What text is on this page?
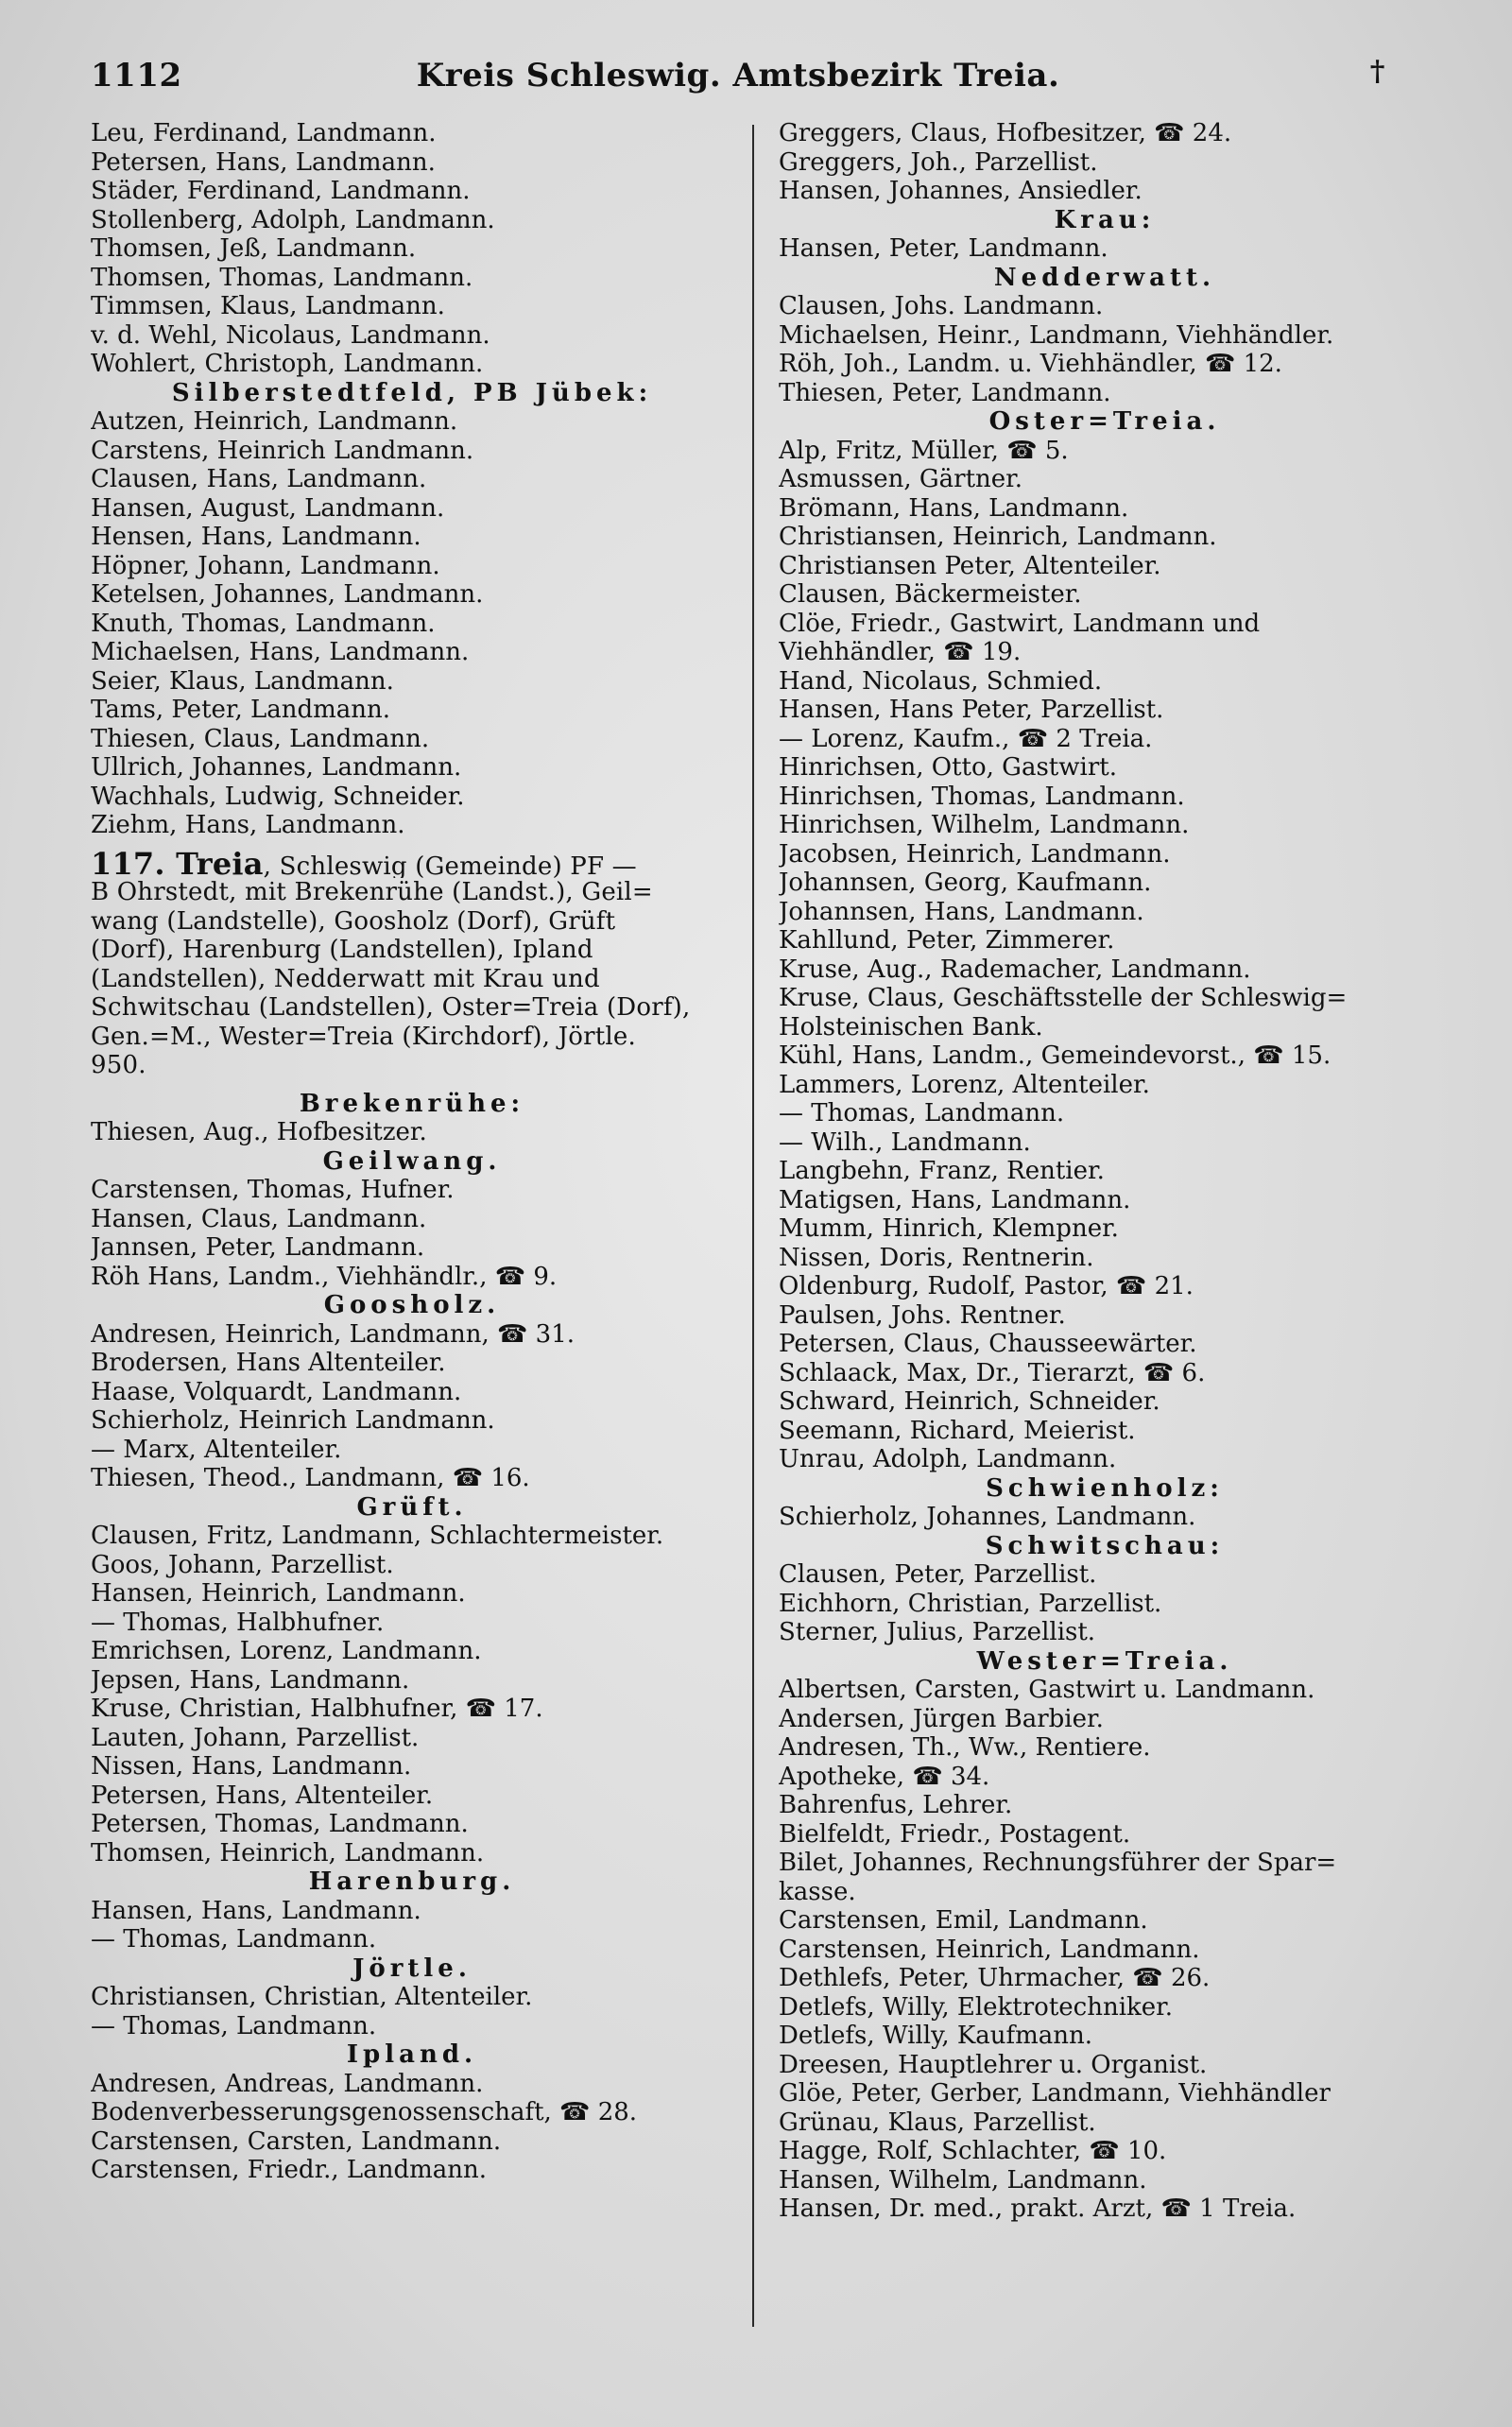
1112	Kreis Schleswig. Amtsbezirk Treia.	†
Leu, Ferdinand, Landmann.
Petersen, Hans, Landmann.
Städer, Ferdinand, Landmann.
Stollenberg, Adolph, Landmann.
Thomsen, Jeß, Landmann.
Thomsen, Thomas, Landmann.
Timmsen, Klaus, Landmann.
v. d. Wehl, Nicolaus, Landmann.
Wohlert, Christoph, Landmann.
Silberstedtfeld, PB Jübek:
Autzen, Heinrich, Landmann.
Carstens, Heinrich Landmann.
Clausen, Hans, Landmann.
Hansen, August, Landmann.
Hensen, Hans, Landmann.
Höpner, Johann, Landmann.
Ketelsen, Johannes, Landmann.
Knuth, Thomas, Landmann.
Michaelsen, Hans, Landmann.
Seier, Klaus, Landmann.
Tams, Peter, Landmann.
Thiesen, Claus, Landmann.
Ullrich, Johannes, Landmann.
Wachhals, Ludwig, Schneider.
Ziehm, Hans, Landmann.
117. Treia, Schleswig (Gemeinde) PF —
B Ohrstedt, mit Brekenrühe (Landst.), Geil=
wang (Landstelle), Goosholz (Dorf), Grüft
(Dorf), Harenburg (Landstellen), Ipland
(Landstellen), Nedderwatt mit Krau und
Schwitschau (Landstellen), Oster=Treia (Dorf),
Gen.=M., Wester=Treia (Kirchdorf), Jörtle.
950.
Brekenrühe:
Thiesen, Aug., Hofbesitzer.
Geilwang.
Carstensen, Thomas, Hufner.
Hansen, Claus, Landmann.
Jannsen, Peter, Landmann.
Röh Hans, Landm., Viehhändlr., ☎ 9.
Goosholz.
Andresen, Heinrich, Landmann, ☎ 31.
Brodersen, Hans Altenteiler.
Haase, Volquardt, Landmann.
Schierholz, Heinrich Landmann.
— Marx, Altenteiler.
Thiesen, Theod., Landmann, ☎ 16.
Grüft.
Clausen, Fritz, Landmann, Schlachtermeister.
Goos, Johann, Parzellist.
Hansen, Heinrich, Landmann.
— Thomas, Halbhufner.
Emrichsen, Lorenz, Landmann.
Jepsen, Hans, Landmann.
Kruse, Christian, Halbhufner, ☎ 17.
Lauten, Johann, Parzellist.
Nissen, Hans, Landmann.
Petersen, Hans, Altenteiler.
Petersen, Thomas, Landmann.
Thomsen, Heinrich, Landmann.
Harenburg.
Hansen, Hans, Landmann.
— Thomas, Landmann.
Jörtle.
Christiansen, Christian, Altenteiler.
— Thomas, Landmann.
Ipland.
Andresen, Andreas, Landmann.
Bodenverbesserungsgenossenschaft, ☎ 28.
Carstensen, Carsten, Landmann.
Carstensen, Friedr., Landmann.
Greggers, Claus, Hofbesitzer, ☎ 24.
Greggers, Joh., Parzellist.
Hansen, Johannes, Ansiedler.
Krau:
Hansen, Peter, Landmann.
Nedderwatt.
Clausen, Johs. Landmann.
Michaelsen, Heinr., Landmann, Viehhändler.
Röh, Joh., Landm. u. Viehhändler, ☎ 12.
Thiesen, Peter, Landmann.
Oster=Treia.
Alp, Fritz, Müller, ☎ 5.
Asmussen, Gärtner.
Brömann, Hans, Landmann.
Christiansen, Heinrich, Landmann.
Christiansen Peter, Altenteiler.
Clausen, Bäckermeister.
Clöe, Friedr., Gastwirt, Landmann und
Viehhändler, ☎ 19.
Hand, Nicolaus, Schmied.
Hansen, Hans Peter, Parzellist.
— Lorenz, Kaufm., ☎ 2 Treia.
Hinrichsen, Otto, Gastwirt.
Hinrichsen, Thomas, Landmann.
Hinrichsen, Wilhelm, Landmann.
Jacobsen, Heinrich, Landmann.
Johannsen, Georg, Kaufmann.
Johannsen, Hans, Landmann.
Kahllund, Peter, Zimmerer.
Kruse, Aug., Rademacher, Landmann.
Kruse, Claus, Geschäftsstelle der Schleswig=
Holsteinischen Bank.
Kühl, Hans, Landm., Gemeindevorst., ☎ 15.
Lammers, Lorenz, Altenteiler.
— Thomas, Landmann.
— Wilh., Landmann.
Langbehn, Franz, Rentier.
Matigsen, Hans, Landmann.
Mumm, Hinrich, Klempner.
Nissen, Doris, Rentnerin.
Oldenburg, Rudolf, Pastor, ☎ 21.
Paulsen, Johs. Rentner.
Petersen, Claus, Chausseewärter.
Schlaack, Max, Dr., Tierarzt, ☎ 6.
Schward, Heinrich, Schneider.
Seemann, Richard, Meierist.
Unrau, Adolph, Landmann.
Schwienholz:
Schierholz, Johannes, Landmann.
Schwitschau:
Clausen, Peter, Parzellist.
Eichhorn, Christian, Parzellist.
Sterner, Julius, Parzellist.
Wester=Treia.
Albertsen, Carsten, Gastwirt u. Landmann.
Andersen, Jürgen Barbier.
Andresen, Th., Ww., Rentiere.
Apotheke, ☎ 34.
Bahrenfus, Lehrer.
Bielfeldt, Friedr., Postagent.
Bilet, Johannes, Rechnungsführer der Spar=
kasse.
Carstensen, Emil, Landmann.
Carstensen, Heinrich, Landmann.
Dethlefs, Peter, Uhrmacher, ☎ 26.
Detlefs, Willy, Elektrotechniker.
Detlefs, Willy, Kaufmann.
Dreesen, Hauptlehrer u. Organist.
Glöe, Peter, Gerber, Landmann, Viehhändler
Grünau, Klaus, Parzellist.
Hagge, Rolf, Schlachter, ☎ 10.
Hansen, Wilhelm, Landmann.
Hansen, Dr. med., prakt. Arzt, ☎ 1 Treia.
